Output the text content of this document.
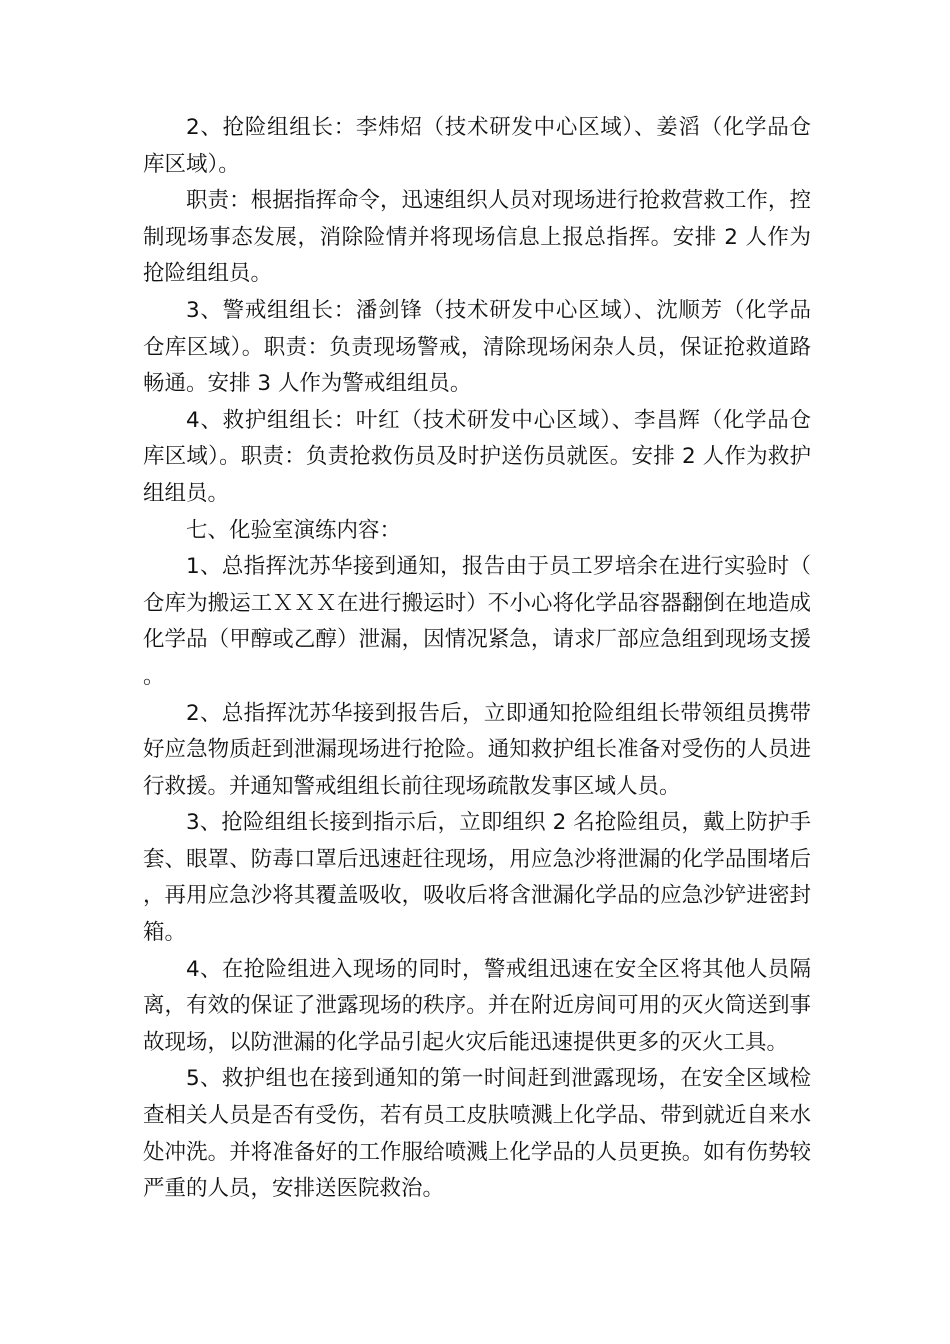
2、抢险组组长：李炜炤（技术研发中心区域）、姜滔（化学品仓库区域）。

职责：根据指挥命令，迅速组织人员对现场进行抢救营救工作，控制现场事态发展，消除险情并将现场信息上报总指挥。安排 2 人作为抢险组组员。

3、警戒组组长：潘剑锋（技术研发中心区域）、沈顺芳（化学品仓库区域）。职责：负责现场警戒，清除现场闲杂人员，保证抢救道路畅通。安排 3 人作为警戒组组员。

4、救护组组长：叶红（技术研发中心区域）、李昌辉（化学品仓库区域）。职责：负责抢救伤员及时护送伤员就医。安排 2 人作为救护组组员。

七、化验室演练内容：

1、总指挥沈苏华接到通知，报告由于员工罗培余在进行实验时（仓库为搬运工ＸＸＸ在进行搬运时）不小心将化学品容器翻倒在地造成化学品（甲醇或乙醇）泄漏，因情况紧急，请求厂部应急组到现场支援。

2、总指挥沈苏华接到报告后，立即通知抢险组组长带领组员携带好应急物质赶到泄漏现场进行抢险。通知救护组长准备对受伤的人员进行救援。并通知警戒组组长前往现场疏散发事区域人员。

3、抢险组组长接到指示后，立即组织 2 名抢险组员，戴上防护手套、眼罩、防毒口罩后迅速赶往现场，用应急沙将泄漏的化学品围堵后，再用应急沙将其覆盖吸收，吸收后将含泄漏化学品的应急沙铲进密封箱。

4、在抢险组进入现场的同时，警戒组迅速在安全区将其他人员隔离，有效的保证了泄露现场的秩序。并在附近房间可用的灭火筒送到事故现场，以防泄漏的化学品引起火灾后能迅速提供更多的灭火工具。

5、救护组也在接到通知的第一时间赶到泄露现场，在安全区域检查相关人员是否有受伤，若有员工皮肤喷溅上化学品、带到就近自来水处冲洗。并将准备好的工作服给喷溅上化学品的人员更换。如有伤势较严重的人员，安排送医院救治。
